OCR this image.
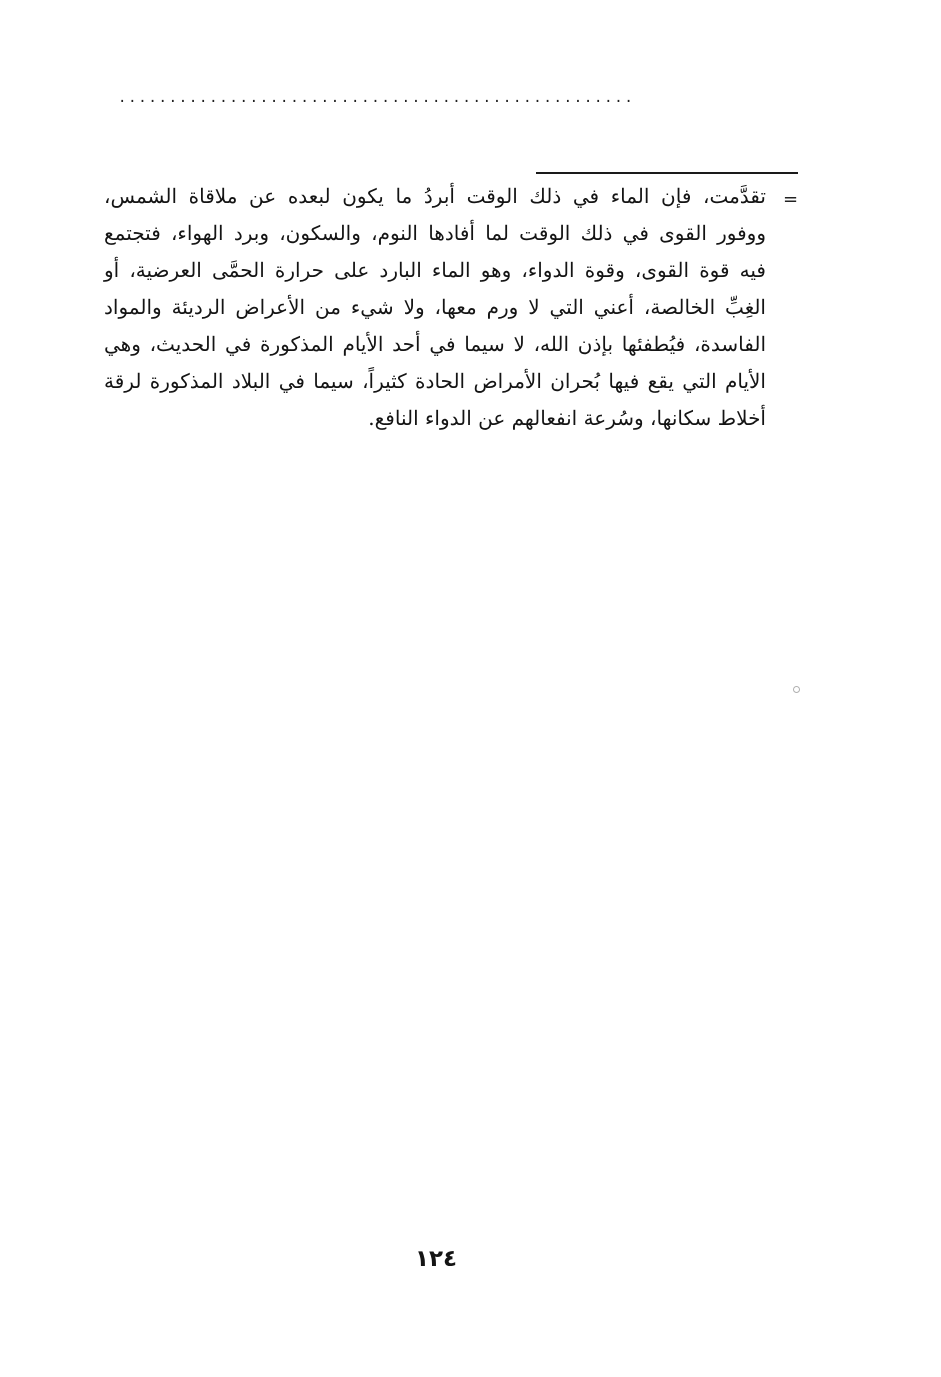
...................................................
=
تقدَّمت، فإن الماء في ذلك الوقت أبردُ ما يكون لبعده عن ملاقاة الشمس،
ووفور القوى في ذلك الوقت لما أفادها النوم، والسكون، وبرد الهواء، فتجتمع
فيه قوة القوى، وقوة الدواء، وهو الماء البارد على حرارة الحمَّى العرضية، أو
الغِبِّ الخالصة، أعني التي لا ورم معها، ولا شيء من الأعراض الرديئة والمواد
الفاسدة، فيُطفئها بإذن الله، لا سيما في أحد الأيام المذكورة في الحديث، وهي
الأيام التي يقع فيها بُحران الأمراض الحادة كثيراً، سيما في البلاد المذكورة لرقة
أخلاط سكانها، وسُرعة انفعالهم عن الدواء النافع.
١٢٤
